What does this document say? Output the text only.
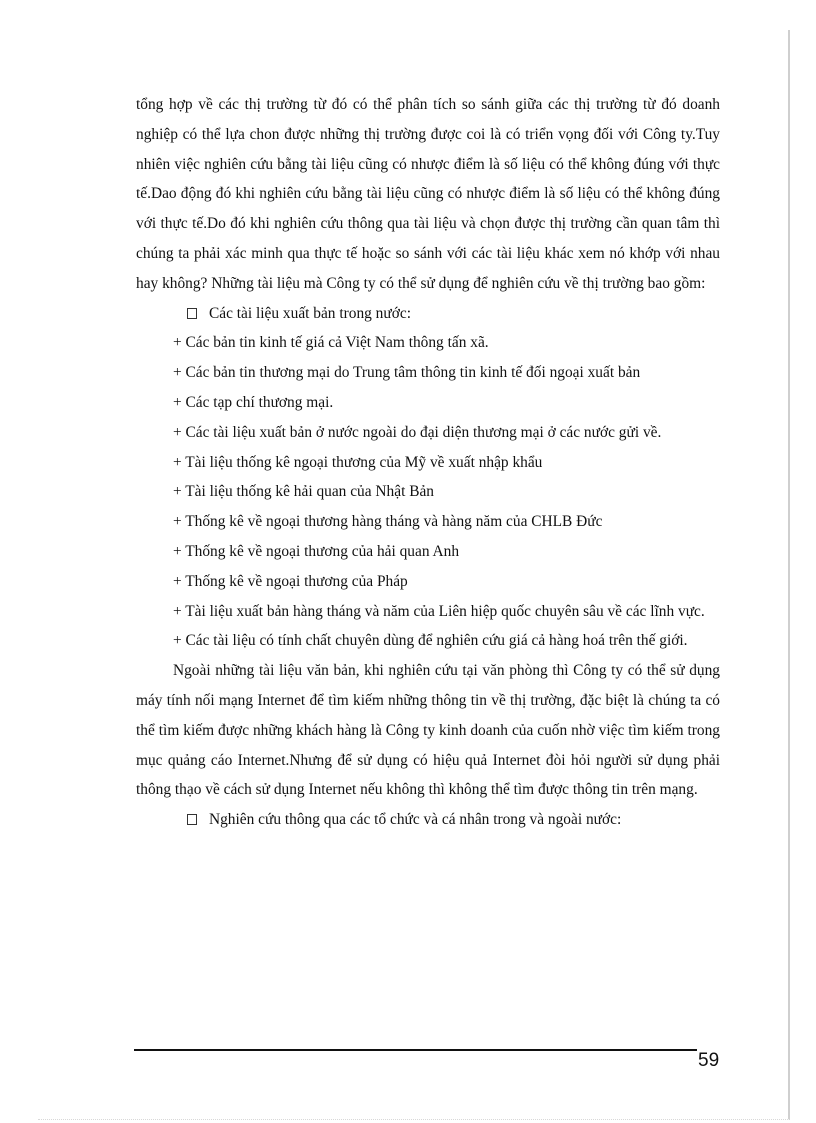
tổng hợp về các thị trường từ đó có thể phân tích so sánh giữa các thị trường từ đó doanh nghiệp có thể lựa chon được những thị trường được coi là có triển vọng đối với Công ty.Tuy nhiên việc nghiên cứu bằng tài liệu cũng có nhược điểm là số liệu có thể không đúng với thực tế.Dao động đó khi nghiên cứu bằng tài liệu cũng có nhược điểm là số liệu có thể không đúng với thực tế.Do đó khi nghiên cứu thông qua tài liệu và chọn được thị trường cần quan tâm thì chúng ta phải xác minh qua thực tế hoặc so sánh với các tài liệu khác xem nó khớp với nhau hay không? Những tài liệu mà Công ty có thể sử dụng để nghiên cứu về thị trường bao gồm:

Các tài liệu xuất bản trong nước:

+ Các bản tin kinh tế giá cả Việt Nam thông tấn xã.

+ Các bản tin thương mại do Trung tâm thông tin kinh tế đối ngoại xuất bản

+ Các tạp chí thương mại.

+ Các tài liệu xuất bản ở nước ngoài do đại diện thương mại ở các nước gửi về.

+ Tài liệu thống kê ngoại thương của Mỹ về xuất nhập khẩu

+ Tài liệu thống kê hải quan của Nhật Bản

+ Thống kê về ngoại thương hàng tháng và hàng năm của CHLB Đức

+ Thống kê về ngoại thương của hải quan Anh

+ Thống kê về ngoại thương của Pháp

+ Tài liệu xuất bản hàng tháng và năm của Liên hiệp quốc chuyên sâu về các lĩnh vực.

+ Các tài liệu có tính chất chuyên dùng để nghiên cứu giá cả hàng hoá trên thế giới.

Ngoài những tài liệu văn bản, khi nghiên cứu tại văn phòng thì Công ty có thể sử dụng máy tính nối mạng Internet để tìm kiếm những thông tin về thị trường, đặc biệt là chúng ta có thể tìm kiếm được những khách hàng là Công ty kinh doanh của cuốn nhờ việc tìm kiếm trong mục quảng cáo Internet.Nhưng để sử dụng có hiệu quả Internet đòi hỏi người sử dụng phải thông thạo về cách sử dụng Internet nếu không thì không thể tìm được thông tin trên mạng.

Nghiên cứu thông qua các tổ chức và cá nhân trong và ngoài nước:

59
